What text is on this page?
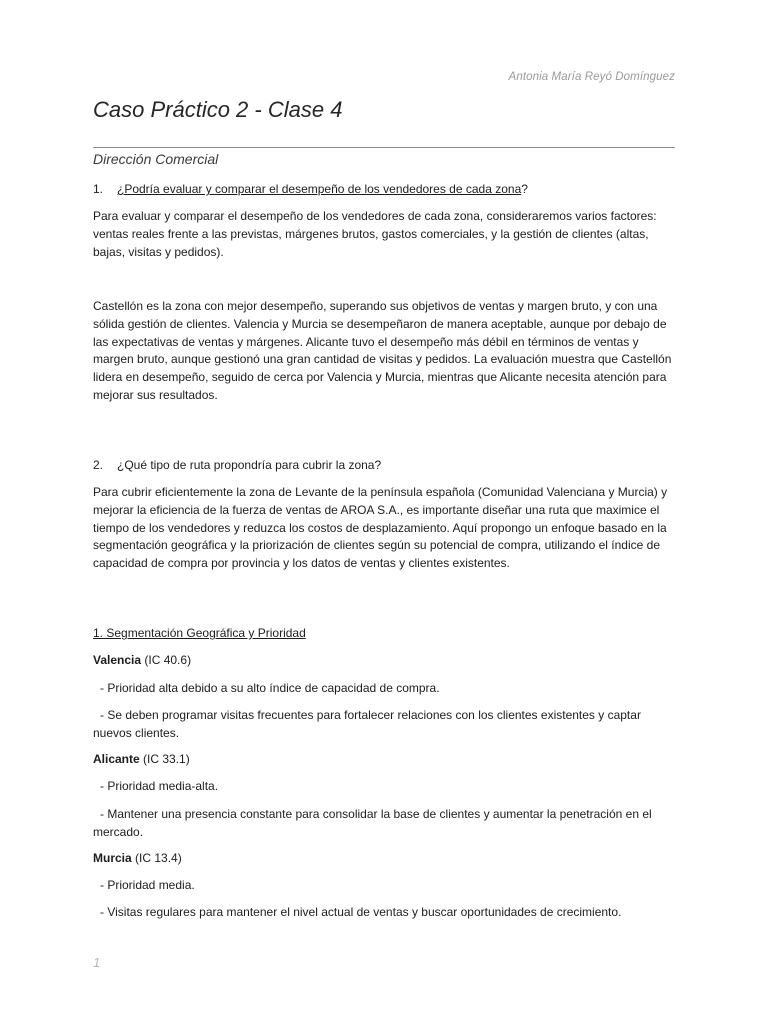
Antonia María Reyó Domínguez
Caso Práctico 2 - Clase 4
Dirección Comercial
1. ¿Podría evaluar y comparar el desempeño de los vendedores de cada zona?
Para evaluar y comparar el desempeño de los vendedores de cada zona, consideraremos varios factores: ventas reales frente a las previstas, márgenes brutos, gastos comerciales, y la gestión de clientes (altas, bajas, visitas y pedidos).
Castellón es la zona con mejor desempeño, superando sus objetivos de ventas y margen bruto, y con una sólida gestión de clientes. Valencia y Murcia se desempeñaron de manera aceptable, aunque por debajo de las expectativas de ventas y márgenes. Alicante tuvo el desempeño más débil en términos de ventas y margen bruto, aunque gestionó una gran cantidad de visitas y pedidos. La evaluación muestra que Castellón lidera en desempeño, seguido de cerca por Valencia y Murcia, mientras que Alicante necesita atención para mejorar sus resultados.
2. ¿Qué tipo de ruta propondría para cubrir la zona?
Para cubrir eficientemente la zona de Levante de la península española (Comunidad Valenciana y Murcia) y mejorar la eficiencia de la fuerza de ventas de AROA S.A., es importante diseñar una ruta que maximice el tiempo de los vendedores y reduzca los costos de desplazamiento. Aquí propongo un enfoque basado en la segmentación geográfica y la priorización de clientes según su potencial de compra, utilizando el índice de capacidad de compra por provincia y los datos de ventas y clientes existentes.
1. Segmentación Geográfica y Prioridad
Valencia (IC 40.6)
- Prioridad alta debido a su alto índice de capacidad de compra.
- Se deben programar visitas frecuentes para fortalecer relaciones con los clientes existentes y captar nuevos clientes.
Alicante (IC 33.1)
- Prioridad media-alta.
- Mantener una presencia constante para consolidar la base de clientes y aumentar la penetración en el mercado.
Murcia (IC 13.4)
- Prioridad media.
- Visitas regulares para mantener el nivel actual de ventas y buscar oportunidades de crecimiento.
1
